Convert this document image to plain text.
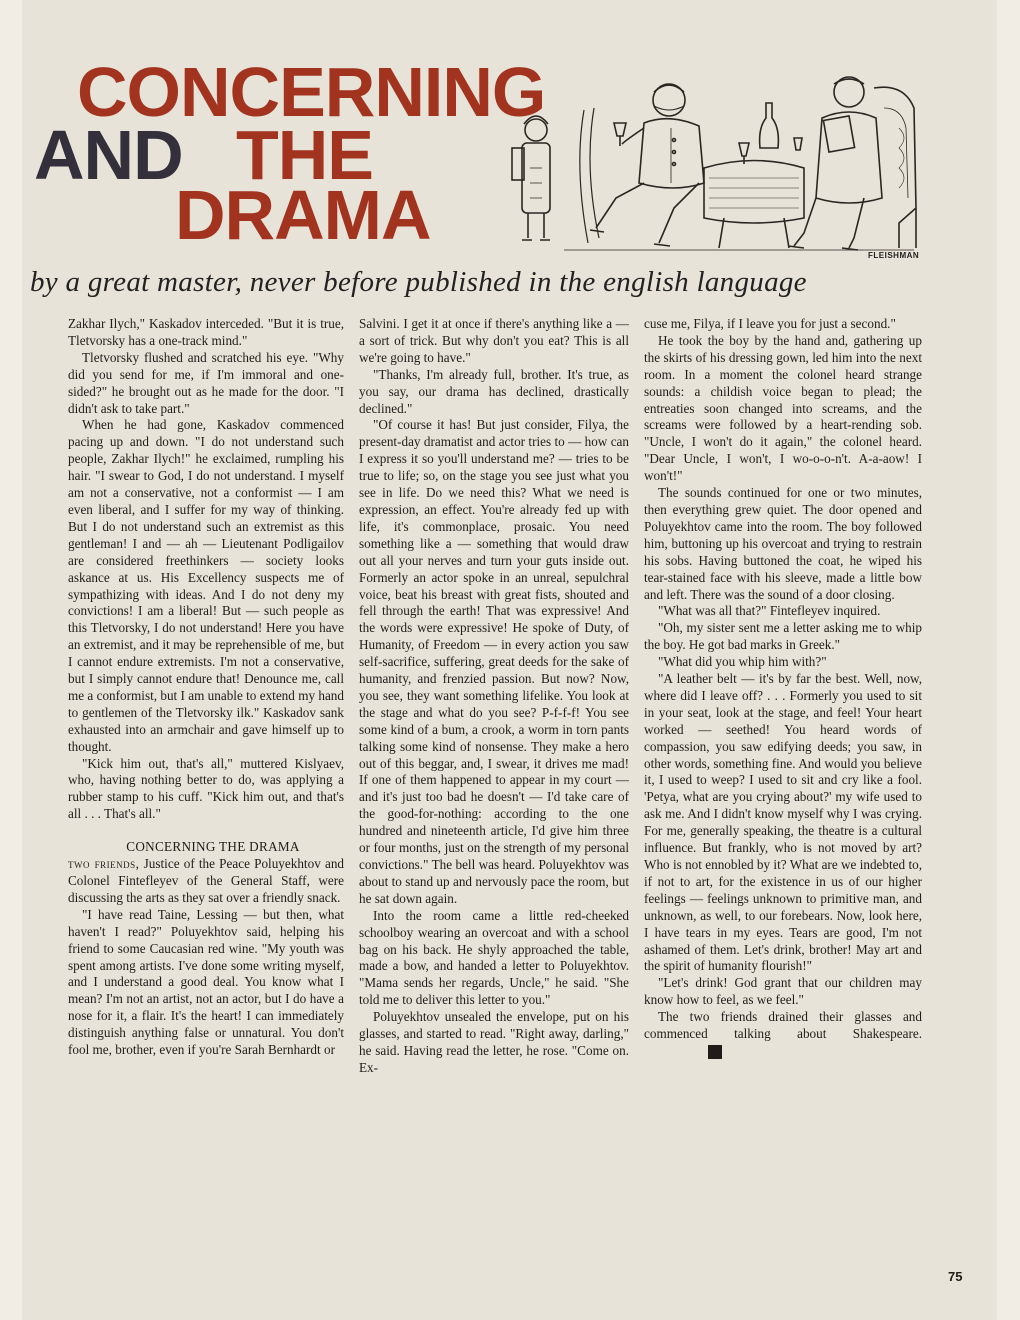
CONCERNING
AND THE
DRAMA
FLEISHMAN
by a great master, never before published in the english language

Zakhar Ilych," Kaskadov interceded. "But it is true, Tletvorsky has a one-track mind."

Tletvorsky flushed and scratched his eye. "Why did you send for me, if I'm immoral and one-sided?" he brought out as he made for the door. "I didn't ask to take part."

When he had gone, Kaskadov commenced pacing up and down. "I do not understand such people, Zakhar Ilych!" he exclaimed, rumpling his hair. "I swear to God, I do not understand. I myself am not a conservative, not a conformist — I am even liberal, and I suffer for my way of thinking. But I do not understand such an extremist as this gentleman! I and — ah — Lieutenant Podligailov are considered freethinkers — society looks askance at us. His Excellency suspects me of sympathizing with ideas. And I do not deny my convictions! I am a liberal! But — such people as this Tletvorsky, I do not understand! Here you have an extremist, and it may be reprehensible of me, but I cannot endure extremists. I'm not a conservative, but I simply cannot endure that! Denounce me, call me a conformist, but I am unable to extend my hand to gentlemen of the Tletvorsky ilk." Kaskadov sank exhausted into an armchair and gave himself up to thought.

"Kick him out, that's all," muttered Kislyaev, who, having nothing better to do, was applying a rubber stamp to his cuff. "Kick him out, and that's all . . . That's all."

CONCERNING THE DRAMA

two friends, Justice of the Peace Poluyekhtov and Colonel Fintefleyev of the General Staff, were discussing the arts as they sat over a friendly snack.

"I have read Taine, Lessing — but then, what haven't I read?" Poluyekhtov said, helping his friend to some Caucasian red wine. "My youth was spent among artists. I've done some writing myself, and I understand a good deal. You know what I mean? I'm not an artist, not an actor, but I do have a nose for it, a flair. It's the heart! I can immediately distinguish anything false or unnatural. You don't fool me, brother, even if you're Sarah Bernhardt or

Salvini. I get it at once if there's anything like a — a sort of trick. But why don't you eat? This is all we're going to have."

"Thanks, I'm already full, brother. It's true, as you say, our drama has declined, drastically declined."

"Of course it has! But just consider, Filya, the present-day dramatist and actor tries to — how can I express it so you'll understand me? — tries to be true to life; so, on the stage you see just what you see in life. Do we need this? What we need is expression, an effect. You're already fed up with life, it's commonplace, prosaic. You need something like a — something that would draw out all your nerves and turn your guts inside out. Formerly an actor spoke in an unreal, sepulchral voice, beat his breast with great fists, shouted and fell through the earth! That was expressive! And the words were expressive! He spoke of Duty, of Humanity, of Freedom — in every action you saw self-sacrifice, suffering, great deeds for the sake of humanity, and frenzied passion. But now? Now, you see, they want something lifelike. You look at the stage and what do you see? P-f-f-f! You see some kind of a bum, a crook, a worm in torn pants talking some kind of nonsense. They make a hero out of this beggar, and, I swear, it drives me mad! If one of them happened to appear in my court — and it's just too bad he doesn't — I'd take care of the good-for-nothing: according to the one hundred and nineteenth article, I'd give him three or four months, just on the strength of my personal convictions." The bell was heard. Poluyekhtov was about to stand up and nervously pace the room, but he sat down again.

Into the room came a little red-cheeked schoolboy wearing an overcoat and with a school bag on his back. He shyly approached the table, made a bow, and handed a letter to Poluyekhtov. "Mama sends her regards, Uncle," he said. "She told me to deliver this letter to you."

Poluyekhtov unsealed the envelope, put on his glasses, and started to read. "Right away, darling," he said. Having read the letter, he rose. "Come on. Ex-

cuse me, Filya, if I leave you for just a second."

He took the boy by the hand and, gathering up the skirts of his dressing gown, led him into the next room. In a moment the colonel heard strange sounds: a childish voice began to plead; the entreaties soon changed into screams, and the screams were followed by a heart-rending sob. "Uncle, I won't do it again," the colonel heard. "Dear Uncle, I won't, I wo-o-o-n't. A-a-aow! I won't!"

The sounds continued for one or two minutes, then everything grew quiet. The door opened and Poluyekhtov came into the room. The boy followed him, buttoning up his overcoat and trying to restrain his sobs. Having buttoned the coat, he wiped his tear-stained face with his sleeve, made a little bow and left. There was the sound of a door closing.

"What was all that?" Fintefleyev inquired.

"Oh, my sister sent me a letter asking me to whip the boy. He got bad marks in Greek."

"What did you whip him with?"

"A leather belt — it's by far the best. Well, now, where did I leave off? . . . Formerly you used to sit in your seat, look at the stage, and feel! Your heart worked — seethed! You heard words of compassion, you saw edifying deeds; you saw, in other words, something fine. And would you believe it, I used to weep? I used to sit and cry like a fool. 'Petya, what are you crying about?' my wife used to ask me. And I didn't know myself why I was crying. For me, generally speaking, the theatre is a cultural influence. But frankly, who is not moved by art? Who is not ennobled by it? What are we indebted to, if not to art, for the existence in us of our higher feelings — feelings unknown to primitive man, and unknown, as well, to our forebears. Now, look here, I have tears in my eyes. Tears are good, I'm not ashamed of them. Let's drink, brother! May art and the spirit of humanity flourish!"

"Let's drink! God grant that our children may know how to feel, as we feel."

The two friends drained their glasses and commenced talking about Shakespeare.♦

75
